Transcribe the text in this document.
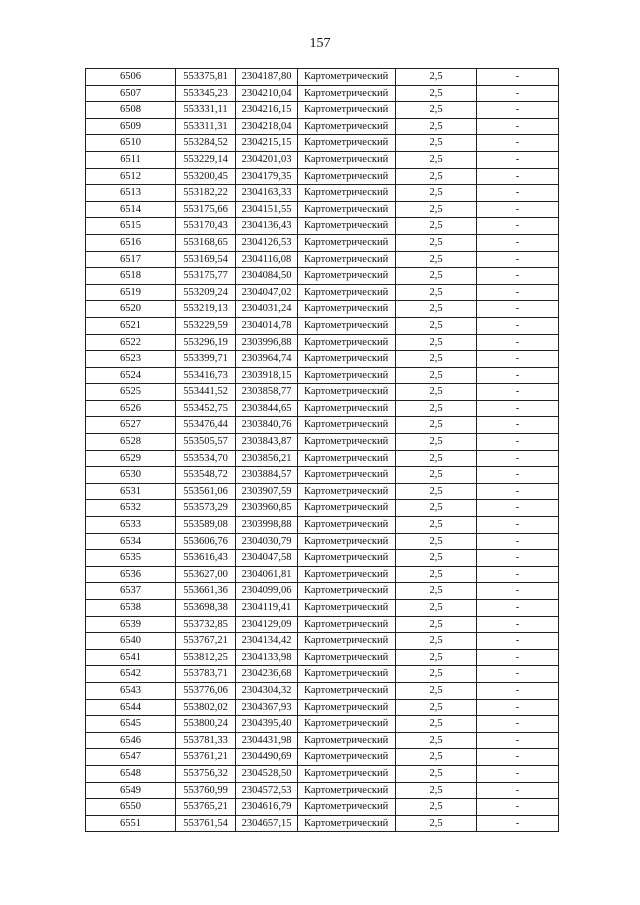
157
6506	553375,81	2304187,80	Картометрический	2,5	-
6507	553345,23	2304210,04	Картометрический	2,5	-
6508	553331,11	2304216,15	Картометрический	2,5	-
6509	553311,31	2304218,04	Картометрический	2,5	-
6510	553284,52	2304215,15	Картометрический	2,5	-
6511	553229,14	2304201,03	Картометрический	2,5	-
6512	553200,45	2304179,35	Картометрический	2,5	-
6513	553182,22	2304163,33	Картометрический	2,5	-
6514	553175,66	2304151,55	Картометрический	2,5	-
6515	553170,43	2304136,43	Картометрический	2,5	-
6516	553168,65	2304126,53	Картометрический	2,5	-
6517	553169,54	2304116,08	Картометрический	2,5	-
6518	553175,77	2304084,50	Картометрический	2,5	-
6519	553209,24	2304047,02	Картометрический	2,5	-
6520	553219,13	2304031,24	Картометрический	2,5	-
6521	553229,59	2304014,78	Картометрический	2,5	-
6522	553296,19	2303996,88	Картометрический	2,5	-
6523	553399,71	2303964,74	Картометрический	2,5	-
6524	553416,73	2303918,15	Картометрический	2,5	-
6525	553441,52	2303858,77	Картометрический	2,5	-
6526	553452,75	2303844,65	Картометрический	2,5	-
6527	553476,44	2303840,76	Картометрический	2,5	-
6528	553505,57	2303843,87	Картометрический	2,5	-
6529	553534,70	2303856,21	Картометрический	2,5	-
6530	553548,72	2303884,57	Картометрический	2,5	-
6531	553561,06	2303907,59	Картометрический	2,5	-
6532	553573,29	2303960,85	Картометрический	2,5	-
6533	553589,08	2303998,88	Картометрический	2,5	-
6534	553606,76	2304030,79	Картометрический	2,5	-
6535	553616,43	2304047,58	Картометрический	2,5	-
6536	553627,00	2304061,81	Картометрический	2,5	-
6537	553661,36	2304099,06	Картометрический	2,5	-
6538	553698,38	2304119,41	Картометрический	2,5	-
6539	553732,85	2304129,09	Картометрический	2,5	-
6540	553767,21	2304134,42	Картометрический	2,5	-
6541	553812,25	2304133,98	Картометрический	2,5	-
6542	553783,71	2304236,68	Картометрический	2,5	-
6543	553776,06	2304304,32	Картометрический	2,5	-
6544	553802,02	2304367,93	Картометрический	2,5	-
6545	553800,24	2304395,40	Картометрический	2,5	-
6546	553781,33	2304431,98	Картометрический	2,5	-
6547	553761,21	2304490,69	Картометрический	2,5	-
6548	553756,32	2304528,50	Картометрический	2,5	-
6549	553760,99	2304572,53	Картометрический	2,5	-
6550	553765,21	2304616,79	Картометрический	2,5	-
6551	553761,54	2304657,15	Картометрический	2,5	-
